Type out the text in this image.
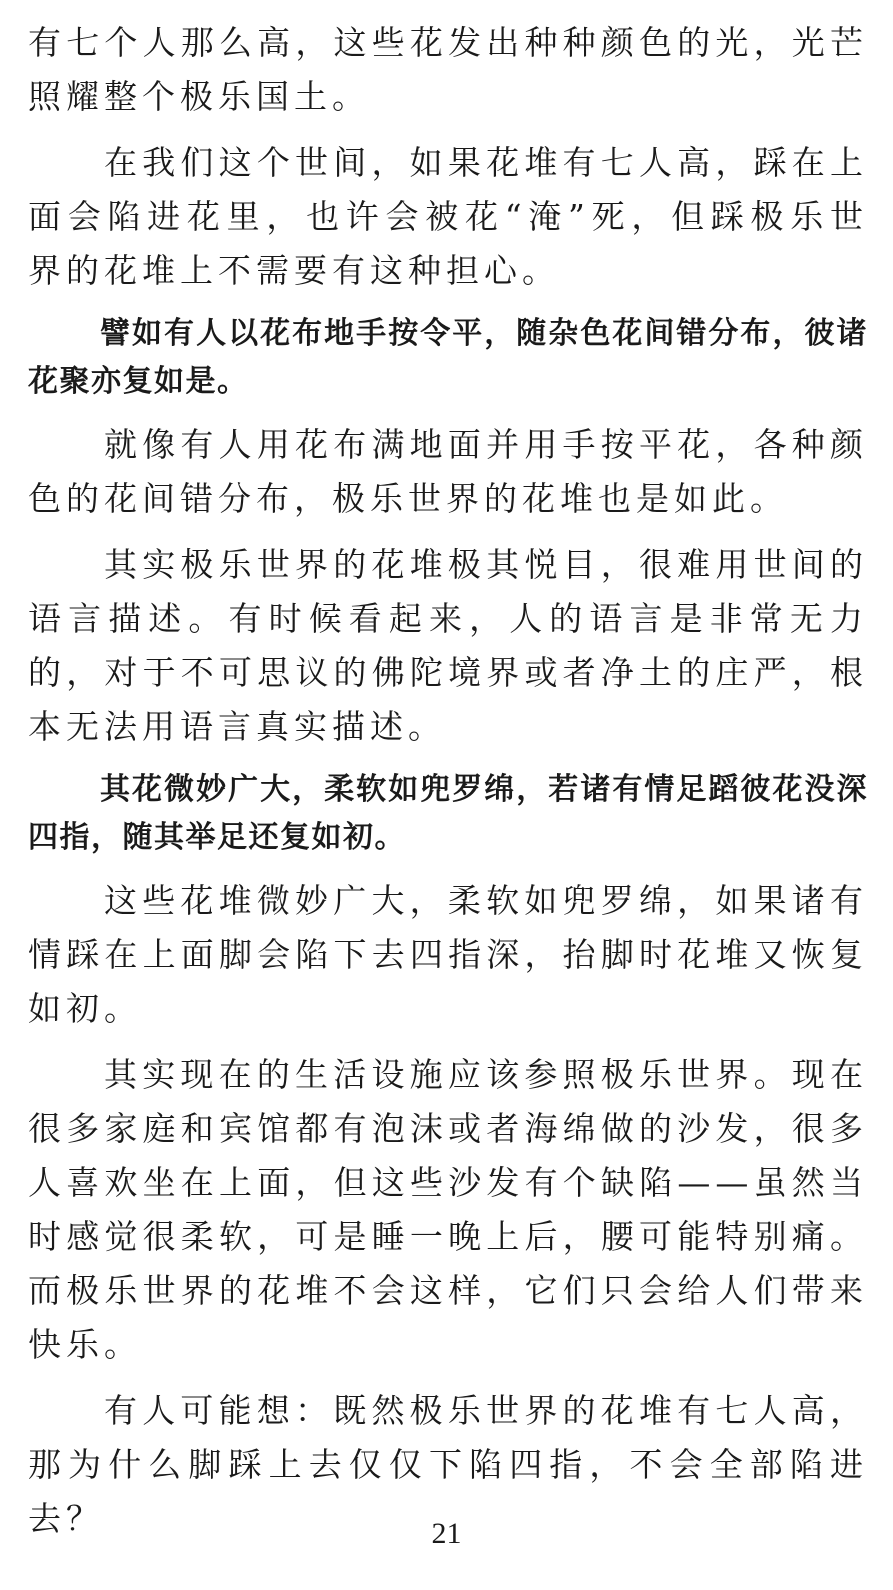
有七个人那么高，这些花发出种种颜色的光，光芒照耀整个极乐国土。

在我们这个世间，如果花堆有七人高，踩在上面会陷进花里，也许会被花“淹”死，但踩极乐世界的花堆上不需要有这种担心。

譬如有人以花布地手按令平，随杂色花间错分布，彼诸花聚亦复如是。

就像有人用花布满地面并用手按平花，各种颜色的花间错分布，极乐世界的花堆也是如此。

其实极乐世界的花堆极其悦目，很难用世间的语言描述。有时候看起来，人的语言是非常无力的，对于不可思议的佛陀境界或者净土的庄严，根本无法用语言真实描述。

其花微妙广大，柔软如兜罗绵，若诸有情足蹈彼花没深四指，随其举足还复如初。

这些花堆微妙广大，柔软如兜罗绵，如果诸有情踩在上面脚会陷下去四指深，抬脚时花堆又恢复如初。

其实现在的生活设施应该参照极乐世界。现在很多家庭和宾馆都有泡沫或者海绵做的沙发，很多人喜欢坐在上面，但这些沙发有个缺陷——虽然当时感觉很柔软，可是睡一晚上后，腰可能特别痛。而极乐世界的花堆不会这样，它们只会给人们带来快乐。

有人可能想：既然极乐世界的花堆有七人高，那为什么脚踩上去仅仅下陷四指，不会全部陷进去？	21
